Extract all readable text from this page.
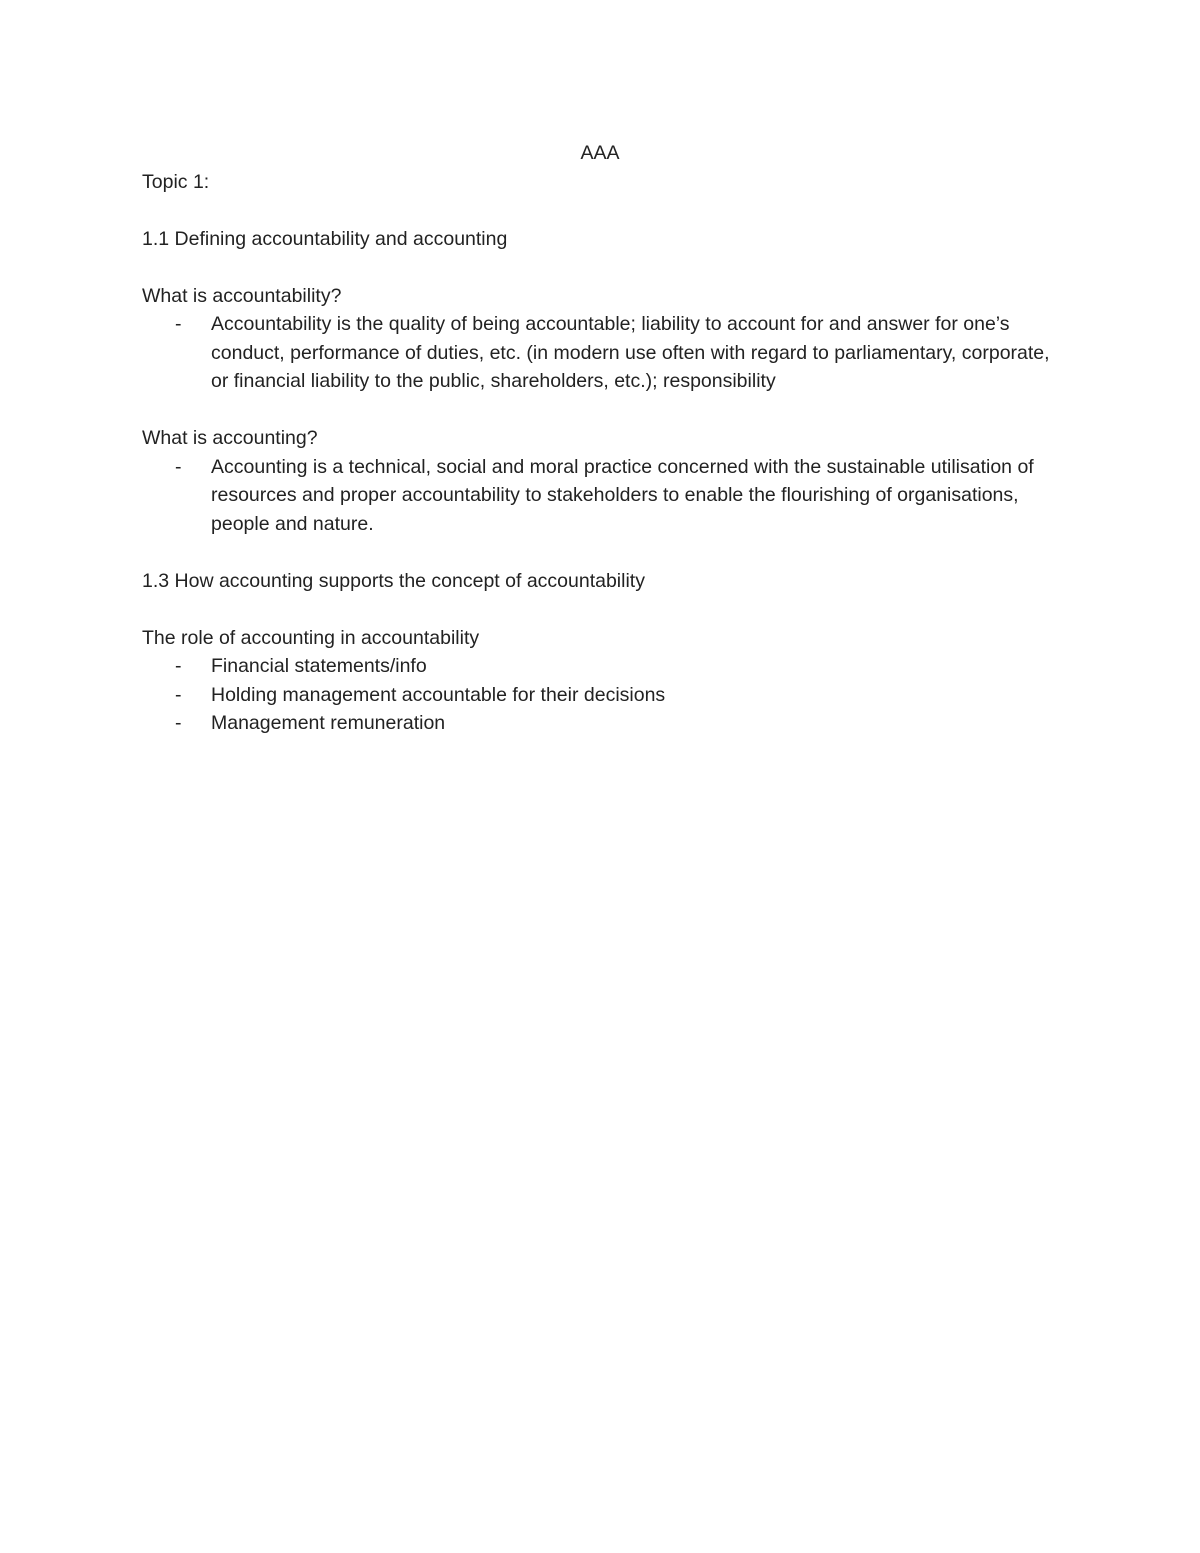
AAA
Topic 1:
1.1 Defining accountability and accounting
What is accountability?
- Accountability is the quality of being accountable; liability to account for and answer for one’s conduct, performance of duties, etc. (in modern use often with regard to parliamentary, corporate, or financial liability to the public, shareholders, etc.); responsibility
What is accounting?
- Accounting is a technical, social and moral practice concerned with the sustainable utilisation of resources and proper accountability to stakeholders to enable the flourishing of organisations, people and nature.
1.3 How accounting supports the concept of accountability
The role of accounting in accountability
- Financial statements/info
- Holding management accountable for their decisions
- Management remuneration
